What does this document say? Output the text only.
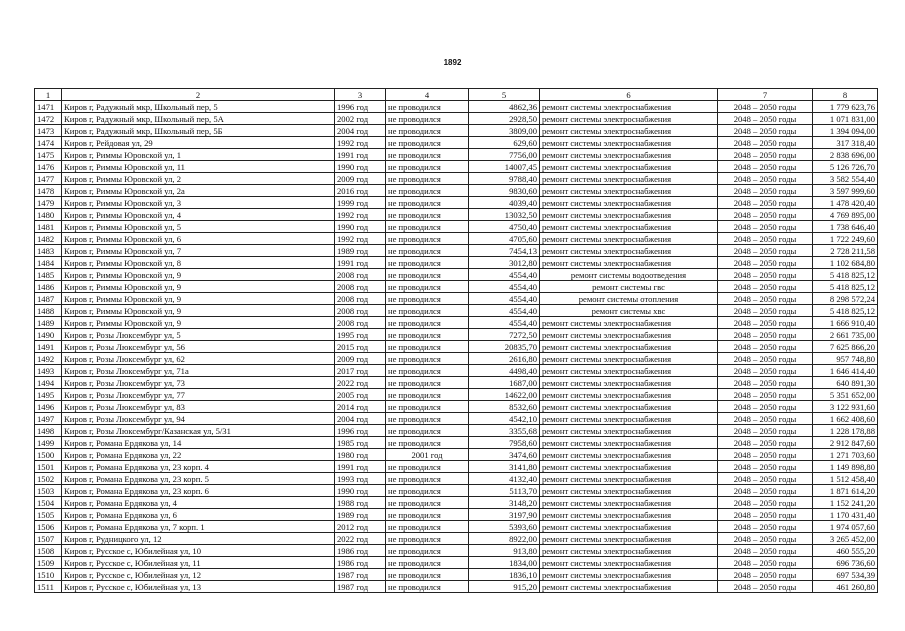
1892
1	2	3	4	5	6	7	8
1471	Киров г, Радужный мкр, Школьный пер, 5	1996 год	не проводился	4862,36	ремонт системы электроснабжения	2048 – 2050 годы	1 779 623,76
1472	Киров г, Радужный мкр, Школьный пер, 5А	2002 год	не проводился	2928,50	ремонт системы электроснабжения	2048 – 2050 годы	1 071 831,00
1473	Киров г, Радужный мкр, Школьный пер, 5Б	2004 год	не проводился	3809,00	ремонт системы электроснабжения	2048 – 2050 годы	1 394 094,00
1474	Киров г, Рейдовая ул, 29	1992 год	не проводился	629,60	ремонт системы электроснабжения	2048 – 2050 годы	317 318,40
1475	Киров г, Риммы Юровской ул, 1	1991 год	не проводился	7756,00	ремонт системы электроснабжения	2048 – 2050 годы	2 838 696,00
1476	Киров г, Риммы Юровской ул, 11	1990 год	не проводился	14007,45	ремонт системы электроснабжения	2048 – 2050 годы	5 126 726,70
1477	Киров г, Риммы Юровской ул, 2	2009 год	не проводился	9788,40	ремонт системы электроснабжения	2048 – 2050 годы	3 582 554,40
1478	Киров г, Риммы Юровской ул, 2а	2016 год	не проводился	9830,60	ремонт системы электроснабжения	2048 – 2050 годы	3 597 999,60
1479	Киров г, Риммы Юровской ул, 3	1999 год	не проводился	4039,40	ремонт системы электроснабжения	2048 – 2050 годы	1 478 420,40
1480	Киров г, Риммы Юровской ул, 4	1992 год	не проводился	13032,50	ремонт системы электроснабжения	2048 – 2050 годы	4 769 895,00
1481	Киров г, Риммы Юровской ул, 5	1990 год	не проводился	4750,40	ремонт системы электроснабжения	2048 – 2050 годы	1 738 646,40
1482	Киров г, Риммы Юровской ул, 6	1992 год	не проводился	4705,60	ремонт системы электроснабжения	2048 – 2050 годы	1 722 249,60
1483	Киров г, Риммы Юровской ул, 7	1989 год	не проводился	7454,13	ремонт системы электроснабжения	2048 – 2050 годы	2 728 211,58
1484	Киров г, Риммы Юровской ул, 8	1991 год	не проводился	3012,80	ремонт системы электроснабжения	2048 – 2050 годы	1 102 684,80
1485	Киров г, Риммы Юровской ул, 9	2008 год	не проводился	4554,40	ремонт системы водоотведения	2048 – 2050 годы	5 418 825,12
1486	Киров г, Риммы Юровской ул, 9	2008 год	не проводился	4554,40	ремонт системы гвс	2048 – 2050 годы	5 418 825,12
1487	Киров г, Риммы Юровской ул, 9	2008 год	не проводился	4554,40	ремонт системы отопления	2048 – 2050 годы	8 298 572,24
1488	Киров г, Риммы Юровской ул, 9	2008 год	не проводился	4554,40	ремонт системы хвс	2048 – 2050 годы	5 418 825,12
1489	Киров г, Риммы Юровской ул, 9	2008 год	не проводился	4554,40	ремонт системы электроснабжения	2048 – 2050 годы	1 666 910,40
1490	Киров г, Розы Люксембург ул, 5	1995 год	не проводился	7272,50	ремонт системы электроснабжения	2048 – 2050 годы	2 661 735,00
1491	Киров г, Розы Люксембург ул, 56	2015 год	не проводился	20835,70	ремонт системы электроснабжения	2048 – 2050 годы	7 625 866,20
1492	Киров г, Розы Люксембург ул, 62	2009 год	не проводился	2616,80	ремонт системы электроснабжения	2048 – 2050 годы	957 748,80
1493	Киров г, Розы Люксембург ул, 71а	2017 год	не проводился	4498,40	ремонт системы электроснабжения	2048 – 2050 годы	1 646 414,40
1494	Киров г, Розы Люксембург ул, 73	2022 год	не проводился	1687,00	ремонт системы электроснабжения	2048 – 2050 годы	640 891,30
1495	Киров г, Розы Люксембург ул, 77	2005 год	не проводился	14622,00	ремонт системы электроснабжения	2048 – 2050 годы	5 351 652,00
1496	Киров г, Розы Люксембург ул, 83	2014 год	не проводился	8532,60	ремонт системы электроснабжения	2048 – 2050 годы	3 122 931,60
1497	Киров г, Розы Люксембург ул, 94	2004 год	не проводился	4542,10	ремонт системы электроснабжения	2048 – 2050 годы	1 662 408,60
1498	Киров г, Розы Люксембург/Казанская ул, 5/31	1996 год	не проводился	3355,68	ремонт системы электроснабжения	2048 – 2050 годы	1 228 178,88
1499	Киров г, Романа Ердякова ул, 14	1985 год	не проводился	7958,60	ремонт системы электроснабжения	2048 – 2050 годы	2 912 847,60
1500	Киров г, Романа Ердякова ул, 22	1980 год	2001 год	3474,60	ремонт системы электроснабжения	2048 – 2050 годы	1 271 703,60
1501	Киров г, Романа Ердякова ул, 23 корп. 4	1991 год	не проводился	3141,80	ремонт системы электроснабжения	2048 – 2050 годы	1 149 898,80
1502	Киров г, Романа Ердякова ул, 23 корп. 5	1993 год	не проводился	4132,40	ремонт системы электроснабжения	2048 – 2050 годы	1 512 458,40
1503	Киров г, Романа Ердякова ул, 23 корп. 6	1990 год	не проводился	5113,70	ремонт системы электроснабжения	2048 – 2050 годы	1 871 614,20
1504	Киров г, Романа Ердякова ул, 4	1988 год	не проводился	3148,20	ремонт системы электроснабжения	2048 – 2050 годы	1 152 241,20
1505	Киров г, Романа Ердякова ул, 6	1989 год	не проводился	3197,90	ремонт системы электроснабжения	2048 – 2050 годы	1 170 431,40
1506	Киров г, Романа Ердякова ул, 7 корп. 1	2012 год	не проводился	5393,60	ремонт системы электроснабжения	2048 – 2050 годы	1 974 057,60
1507	Киров г, Рудницкого ул, 12	2022 год	не проводился	8922,00	ремонт системы электроснабжения	2048 – 2050 годы	3 265 452,00
1508	Киров г, Русское с, Юбилейная ул, 10	1986 год	не проводился	913,80	ремонт системы электроснабжения	2048 – 2050 годы	460 555,20
1509	Киров г, Русское с, Юбилейная ул, 11	1986 год	не проводился	1834,00	ремонт системы электроснабжения	2048 – 2050 годы	696 736,60
1510	Киров г, Русское с, Юбилейная ул, 12	1987 год	не проводился	1836,10	ремонт системы электроснабжения	2048 – 2050 годы	697 534,39
1511	Киров г, Русское с, Юбилейная ул, 13	1987 год	не проводился	915,20	ремонт системы электроснабжения	2048 – 2050 годы	461 260,80
